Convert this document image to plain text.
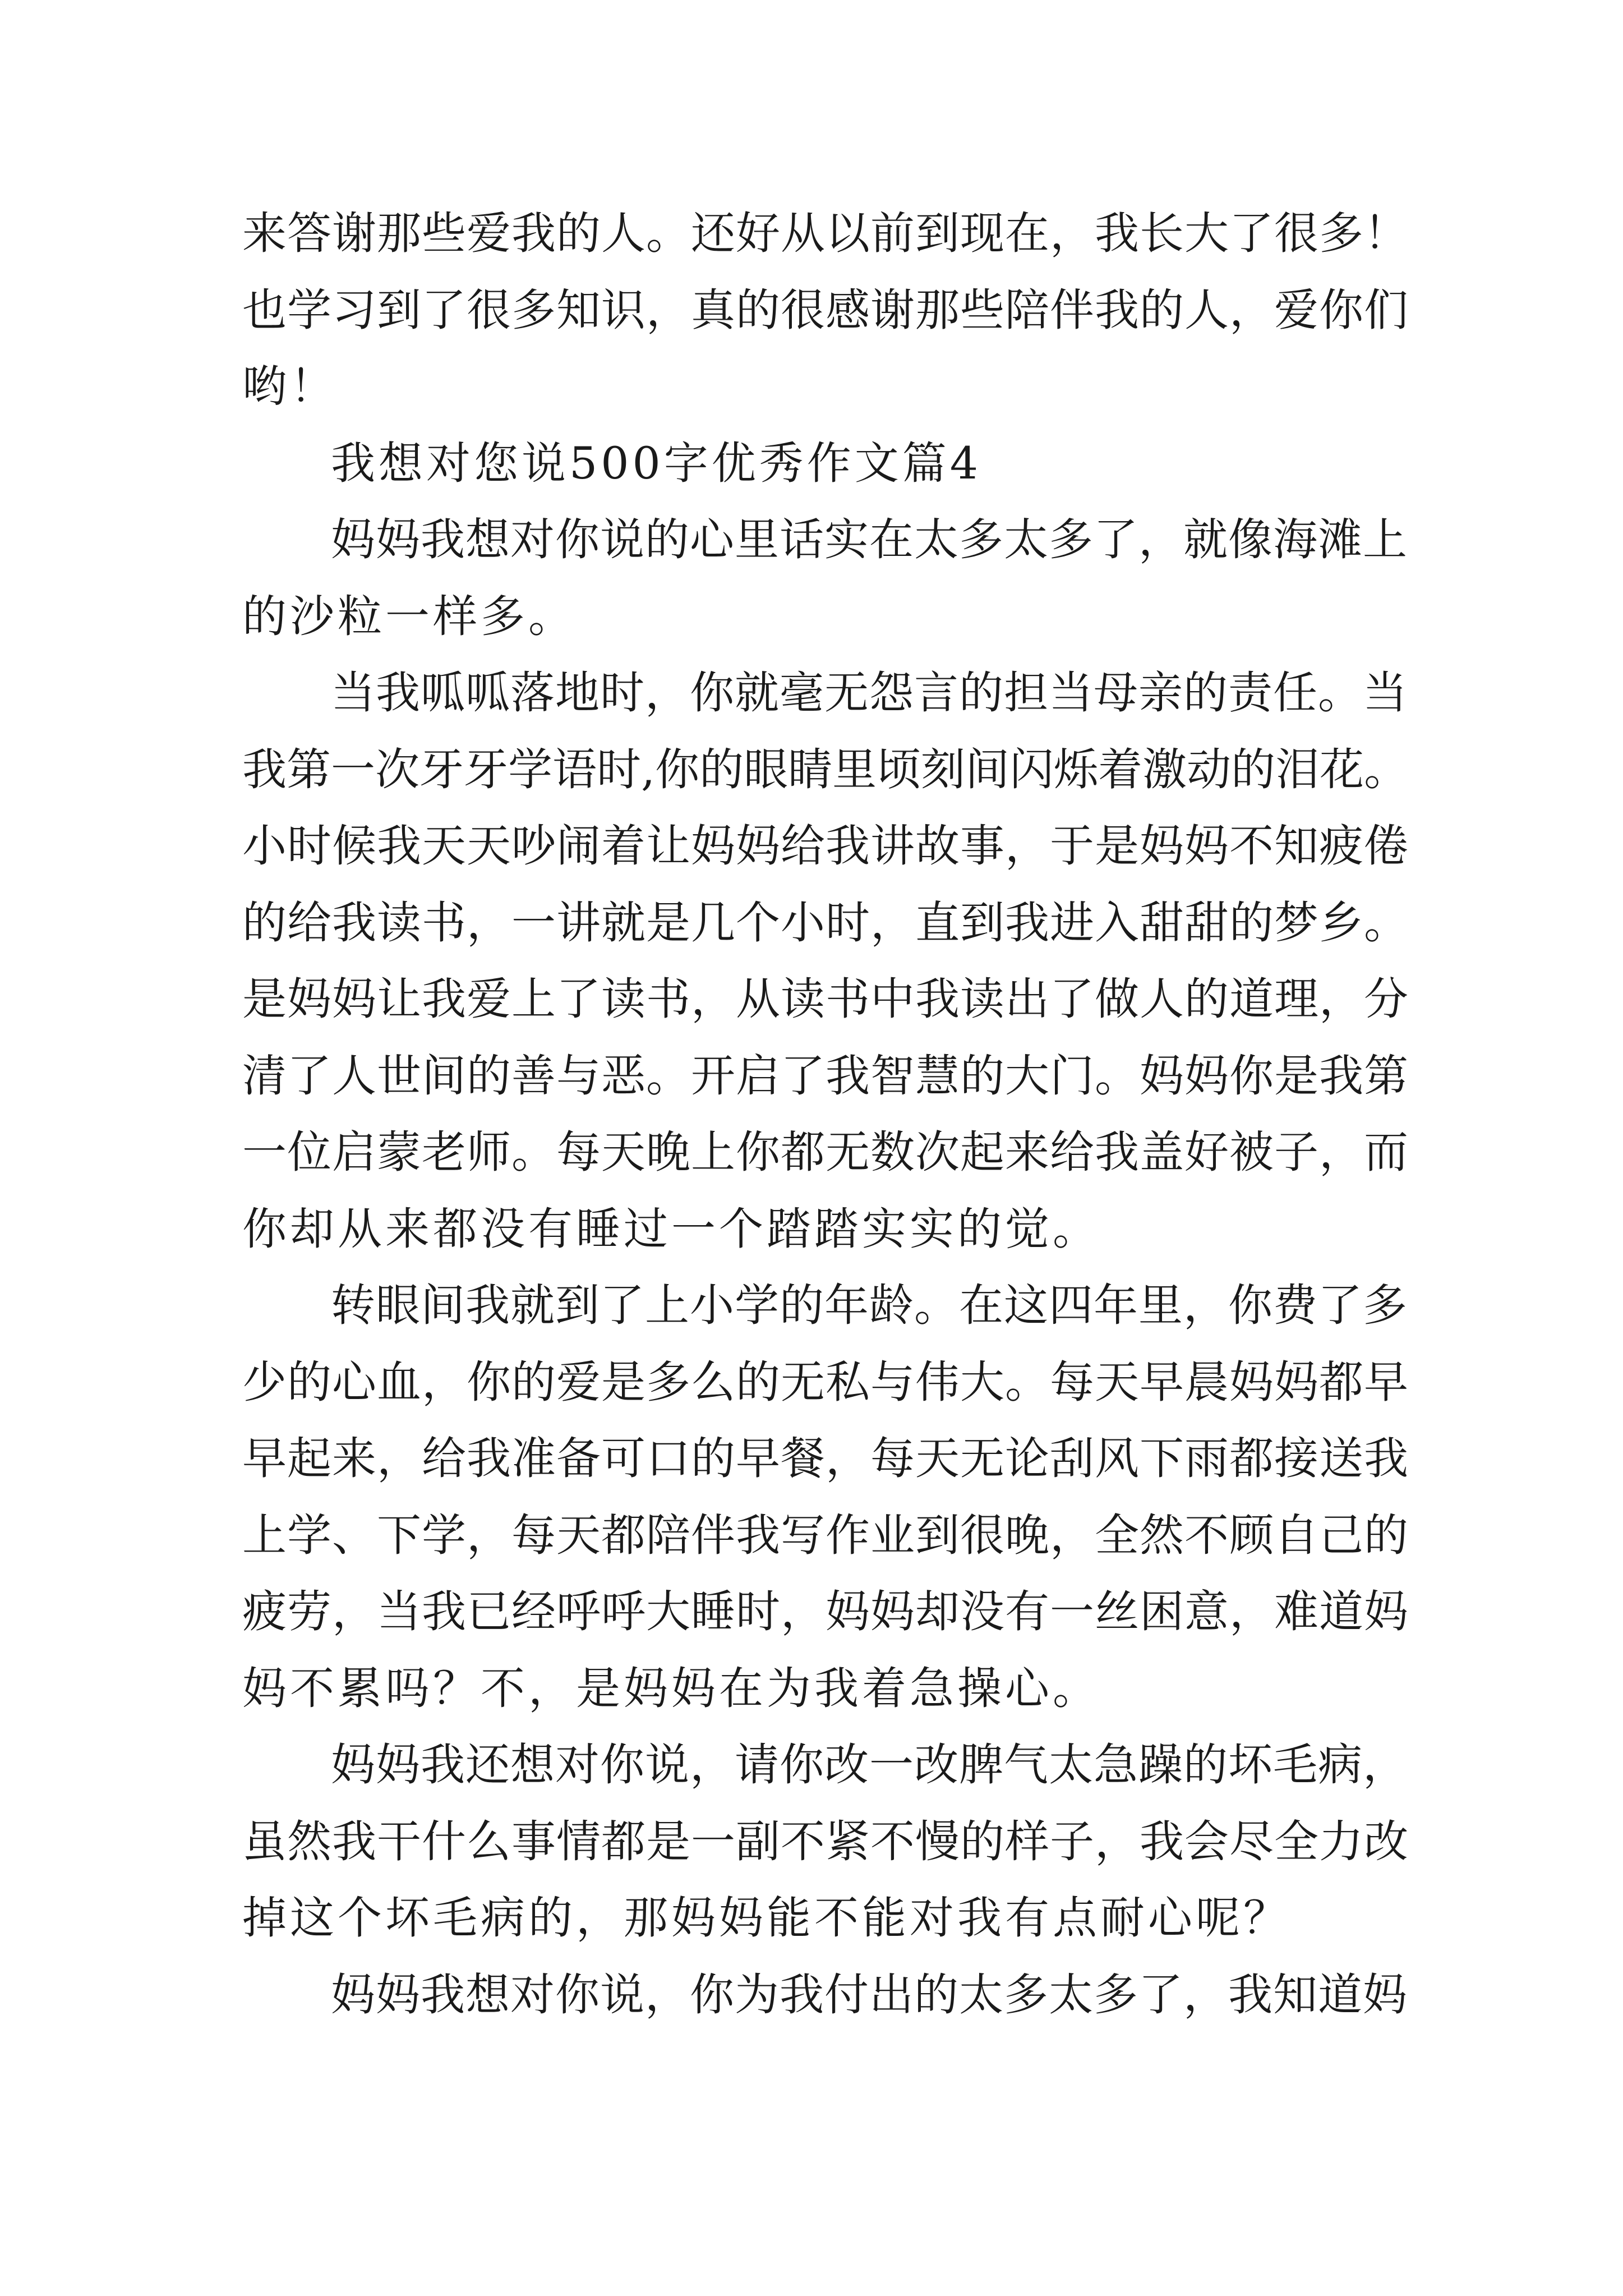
来答谢那些爱我的人。还好从以前到现在，我长大了很多！
也学习到了很多知识，真的很感谢那些陪伴我的人，爱你们
哟！
我想对您说500字优秀作文篇4
妈妈我想对你说的心里话实在太多太多了，就像海滩上
的沙粒一样多。
当我呱呱落地时，你就毫无怨言的担当母亲的责任。当
我第一次牙牙学语时,你的眼睛里顷刻间闪烁着激动的泪花。
小时候我天天吵闹着让妈妈给我讲故事，于是妈妈不知疲倦
的给我读书，一讲就是几个小时，直到我进入甜甜的梦乡。
是妈妈让我爱上了读书，从读书中我读出了做人的道理，分
清了人世间的善与恶。开启了我智慧的大门。妈妈你是我第
一位启蒙老师。每天晚上你都无数次起来给我盖好被子，而
你却从来都没有睡过一个踏踏实实的觉。
转眼间我就到了上小学的年龄。在这四年里，你费了多
少的心血，你的爱是多么的无私与伟大。每天早晨妈妈都早
早起来，给我准备可口的早餐，每天无论刮风下雨都接送我
上学、下学，每天都陪伴我写作业到很晚，全然不顾自己的
疲劳，当我已经呼呼大睡时，妈妈却没有一丝困意，难道妈
妈不累吗？不，是妈妈在为我着急操心。
妈妈我还想对你说，请你改一改脾气太急躁的坏毛病，
虽然我干什么事情都是一副不紧不慢的样子，我会尽全力改
掉这个坏毛病的，那妈妈能不能对我有点耐心呢？
妈妈我想对你说，你为我付出的太多太多了，我知道妈
